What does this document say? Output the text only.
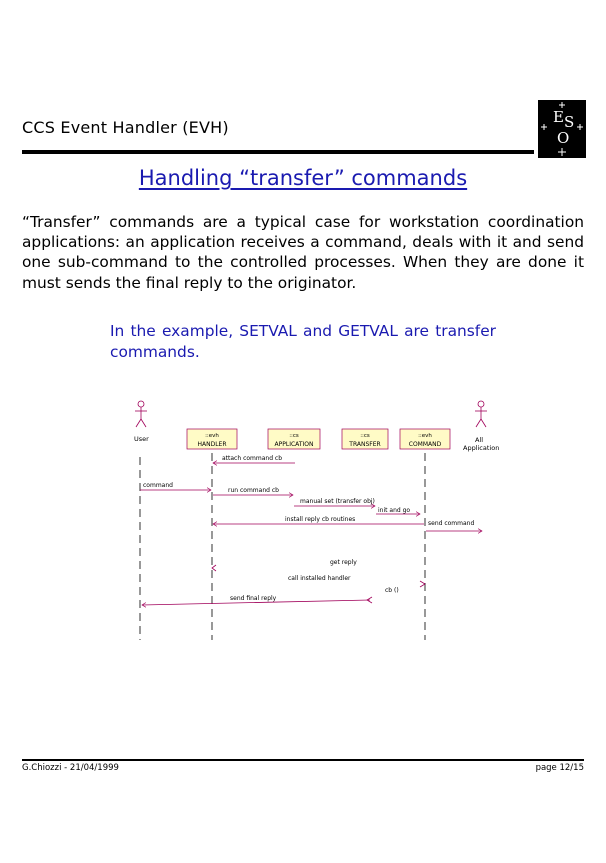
CCS Event Handler (EVH)
E S
O
Handling “transfer” commands
“Transfer” commands are a typical case for workstation coordination applications: an application receives a command, deals with it and send one sub-command to the controlled processes. When they are done it must sends the final reply to the originator.
In the example, SETVAL and GETVAL are transfer commands.
User	All
Application
::evh
HANDLER
::cs
APPLICATION
::cs
TRANSFER
::evh
COMMAND
attach command cb
command
run command cb
manual set (transfer obj)
init and go
install reply cb routines
send command
get reply
call installed handler
cb ()
send final reply
G.Chiozzi - 21/04/1999	page 12/15
